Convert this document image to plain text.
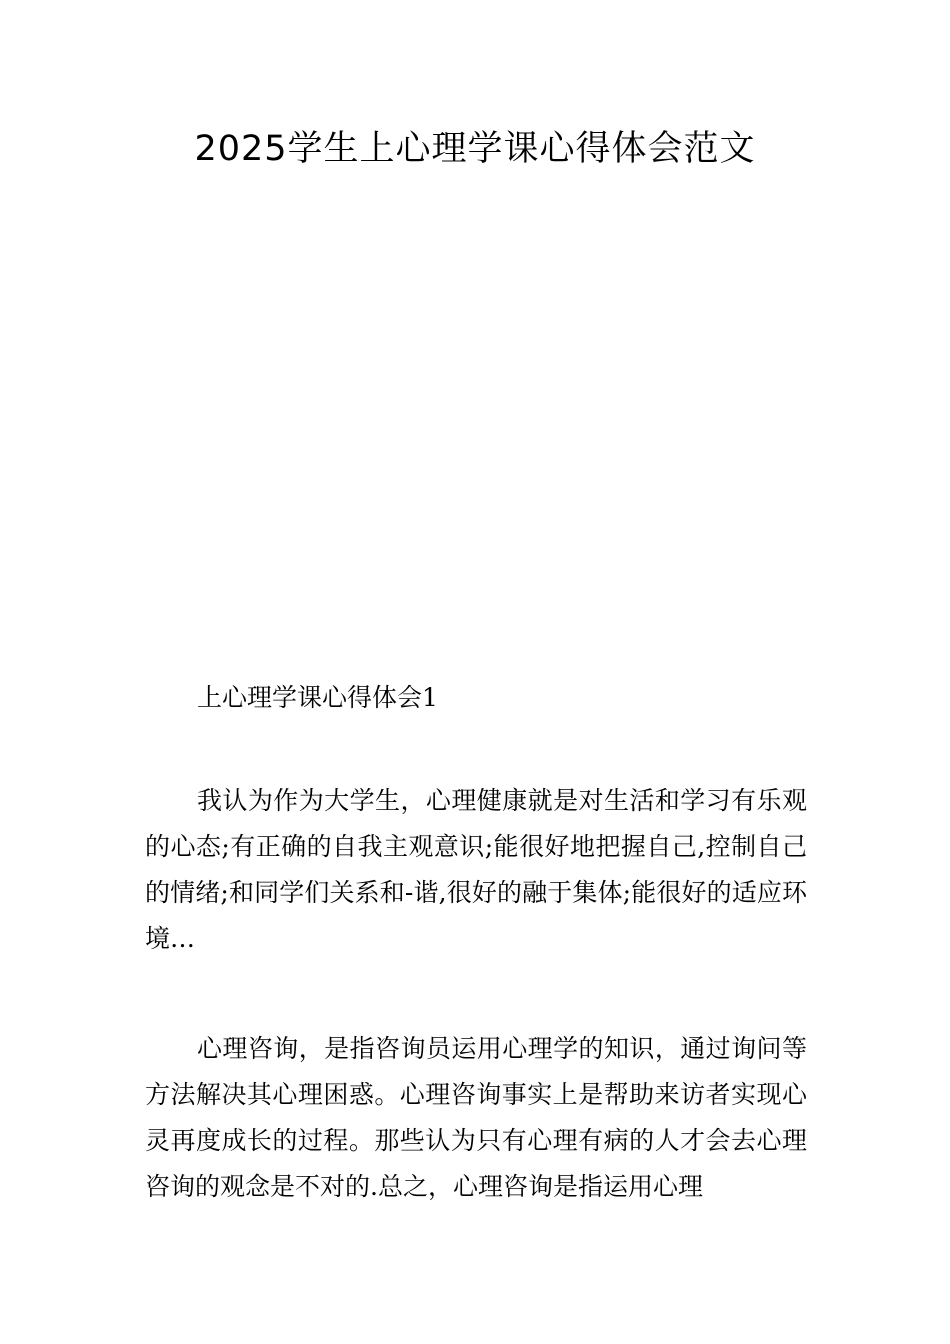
2025学生上心理学课心得体会范文
上心理学课心得体会1

我认为作为大学生，心理健康就是对生活和学习有乐观的心态;有正确的自我主观意识;能很好地把握自己,控制自己的情绪;和同学们关系和-谐,很好的融于集体;能很好的适应环境…

心理咨询，是指咨询员运用心理学的知识，通过询问等方法解决其心理困惑。心理咨询事实上是帮助来访者实现心灵再度成长的过程。那些认为只有心理有病的人才会去心理咨询的观念是不对的.总之，心理咨询是指运用心理
